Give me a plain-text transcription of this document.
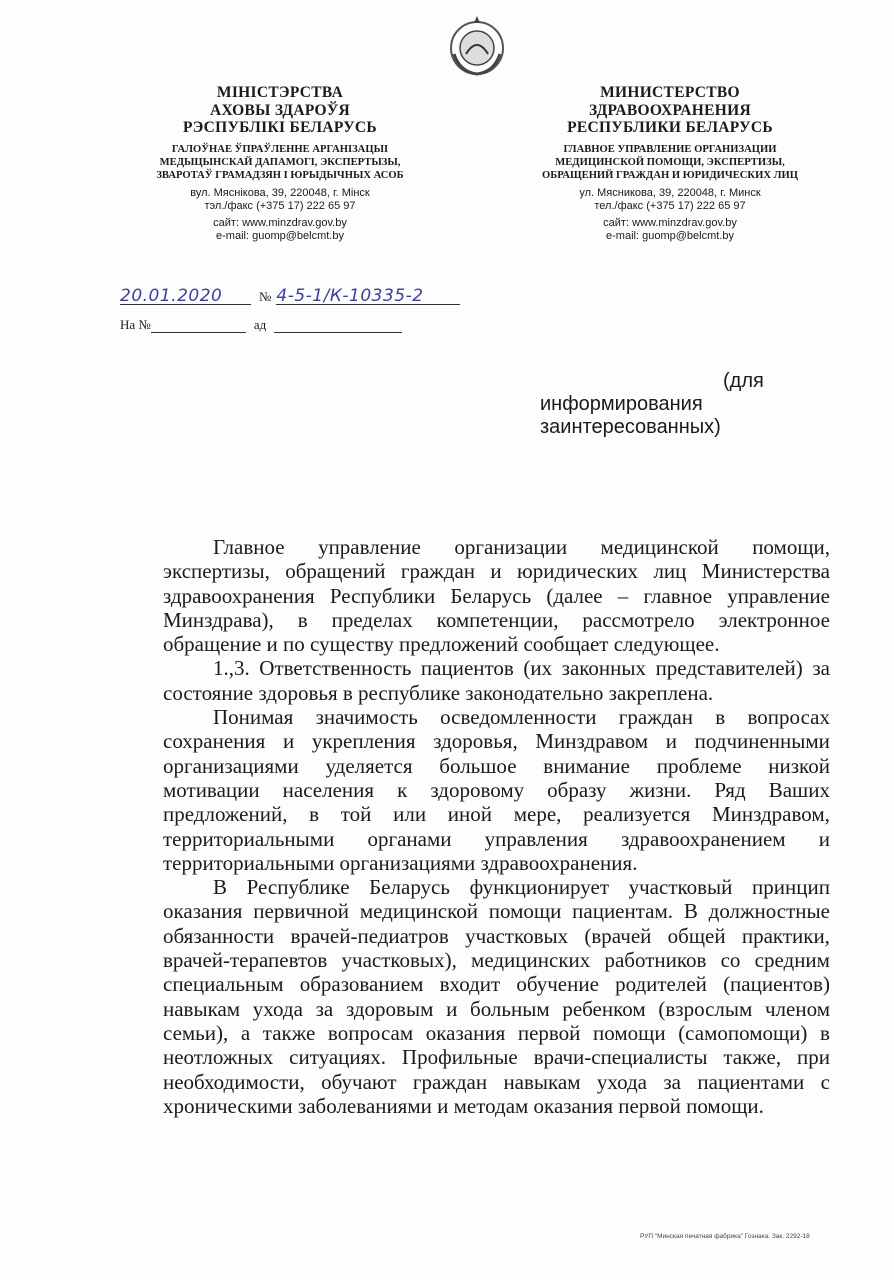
МІНІСТЭРСТВА
АХОВЫ ЗДАРОЎЯ
РЭСПУБЛІКІ БЕЛАРУСЬ
ГАЛОЎНАЕ ЎПРАЎЛЕННЕ АРГАНІЗАЦЫІ
МЕДЫЦЫНСКАЙ ДАПАМОГІ, ЭКСПЕРТЫЗЫ,
ЗВАРОТАЎ ГРАМАДЗЯН І ЮРЫДЫЧНЫХ АСОБ
вул. Мяснікова, 39, 220048, г. Мінск
тэл./факс (+375 17) 222 65 97
сайт: www.minzdrav.gov.by
e-mail: guomp@belcmt.by
МИНИСТЕРСТВО
ЗДРАВООХРАНЕНИЯ
РЕСПУБЛИКИ БЕЛАРУСЬ
ГЛАВНОЕ УПРАВЛЕНИЕ ОРГАНИЗАЦИИ
МЕДИЦИНСКОЙ ПОМОЩИ, ЭКСПЕРТИЗЫ,
ОБРАЩЕНИЙ ГРАЖДАН И ЮРИДИЧЕСКИХ ЛИЦ
ул. Мясникова, 39, 220048, г. Минск
тел./факс (+375 17) 222 65 97
сайт: www.minzdrav.gov.by
e-mail: guomp@belcmt.by
20.01.2020	№ 4-5-1/К-10335-2
На №	ад
(для
информирования
заинтересованных)
Главное управление организации медицинской помощи,
экспертизы, обращений граждан и юридических лиц Министерства
здравоохранения Республики Беларусь (далее – главное управление
Минздрава), в пределах компетенции, рассмотрело электронное
обращение и по существу предложений сообщает следующее.
1.,3. Ответственность пациентов (их законных представителей) за
состояние здоровья в республике законодательно закреплена.
Понимая значимость осведомленности граждан в вопросах
сохранения и укрепления здоровья, Минздравом и подчиненными
организациями уделяется большое внимание проблеме низкой
мотивации населения к здоровому образу жизни. Ряд Ваших
предложений, в той или иной мере, реализуется Минздравом,
территориальными органами управления здравоохранением и
территориальными организациями здравоохранения.
В Республике Беларусь функционирует участковый принцип
оказания первичной медицинской помощи пациентам. В должностные
обязанности врачей-педиатров участковых (врачей общей практики,
врачей-терапевтов участковых), медицинских работников со средним
специальным образованием входит обучение родителей (пациентов)
навыкам ухода за здоровым и больным ребенком (взрослым членом
семьи), а также вопросам оказания первой помощи (самопомощи) в
неотложных ситуациях. Профильные врачи-специалисты также, при
необходимости, обучают граждан навыкам ухода за пациентами с
хроническими заболеваниями и методам оказания первой помощи.
РУП "Минская печатная фабрика" Гознака. Зак. 2292-18
